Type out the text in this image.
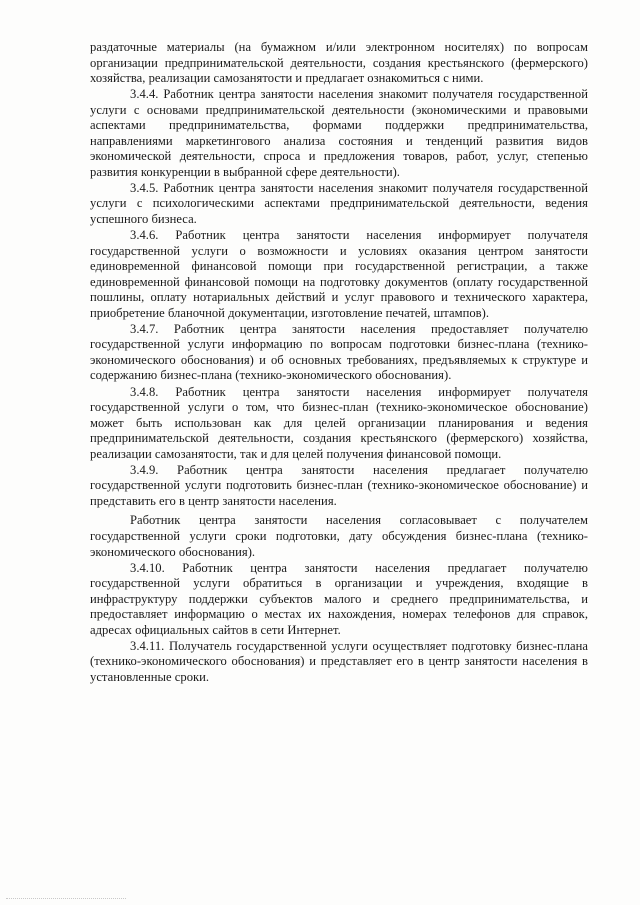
раздаточные материалы (на бумажном и/или электронном носителях) по вопросам организации предпринимательской деятельности, создания крестьянского (фермерского) хозяйства, реализации самозанятости и предлагает ознакомиться с ними.

3.4.4. Работник центра занятости населения знакомит получателя государственной услуги с основами предпринимательской деятельности (экономическими и правовыми аспектами предпринимательства, формами поддержки предпринимательства, направлениями маркетингового анализа состояния и тенденций развития видов экономической деятельности, спроса и предложения товаров, работ, услуг, степенью развития конкуренции в выбранной сфере деятельности).

3.4.5. Работник центра занятости населения знакомит получателя государственной услуги с психологическими аспектами предпринимательской деятельности, ведения успешного бизнеса.

3.4.6. Работник центра занятости населения информирует получателя государственной услуги о возможности и условиях оказания центром занятости единовременной финансовой помощи при государственной регистрации, а также единовременной финансовой помощи на подготовку документов (оплату государственной пошлины, оплату нотариальных действий и услуг правового и технического характера, приобретение бланочной документации, изготовление печатей, штампов).

3.4.7. Работник центра занятости населения предоставляет получателю государственной услуги информацию по вопросам подготовки бизнес-плана (технико-экономического обоснования) и об основных требованиях, предъявляемых к структуре и содержанию бизнес-плана (технико-экономического обоснования).

3.4.8. Работник центра занятости населения информирует получателя государственной услуги о том, что бизнес-план (технико-экономическое обоснование) может быть использован как для целей организации планирования и ведения предпринимательской деятельности, создания крестьянского (фермерского) хозяйства, реализации самозанятости, так и для целей получения финансовой помощи.

3.4.9. Работник центра занятости населения предлагает получателю государственной услуги подготовить бизнес-план (технико-экономическое обоснование) и представить его в центр занятости населения.

Работник центра занятости населения согласовывает с получателем государственной услуги сроки подготовки, дату обсуждения бизнес-плана (технико-экономического обоснования).

3.4.10. Работник центра занятости населения предлагает получателю государственной услуги обратиться в организации и учреждения, входящие в инфраструктуру поддержки субъектов малого и среднего предпринимательства, и предоставляет информацию о местах их нахождения, номерах телефонов для справок, адресах официальных сайтов в сети Интернет.

3.4.11. Получатель государственной услуги осуществляет подготовку бизнес-плана (технико-экономического обоснования) и представляет его в центр занятости населения в установленные сроки.
